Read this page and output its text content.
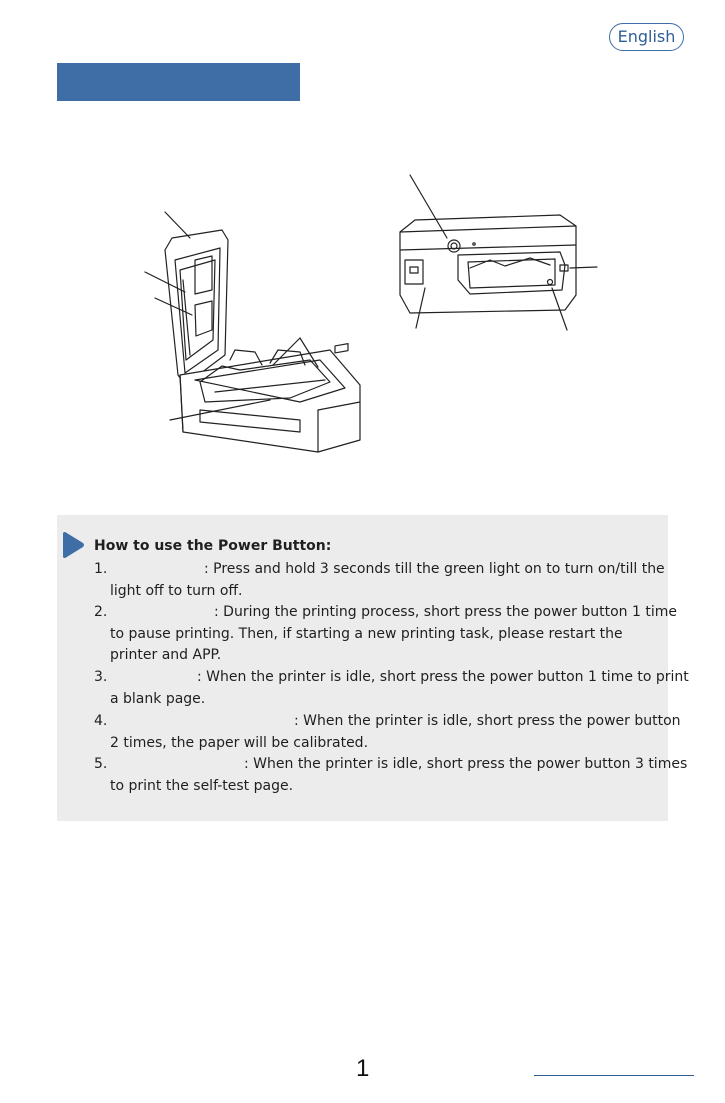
English
How to use the Power Button:
1.	: Press and hold 3 seconds till the green light on to turn on/till the
light off to turn off.
2.	: During the printing process, short press the power button 1 time
to pause printing. Then, if starting a new printing task, please restart the printer and APP.
3.	: When the printer is idle, short press the power button 1 time to print
a blank page.
4.	: When the printer is idle, short press the power button
2 times, the paper will be calibrated.
5.	: When the printer is idle, short press the power button 3 times
to print the self-test page.
1
